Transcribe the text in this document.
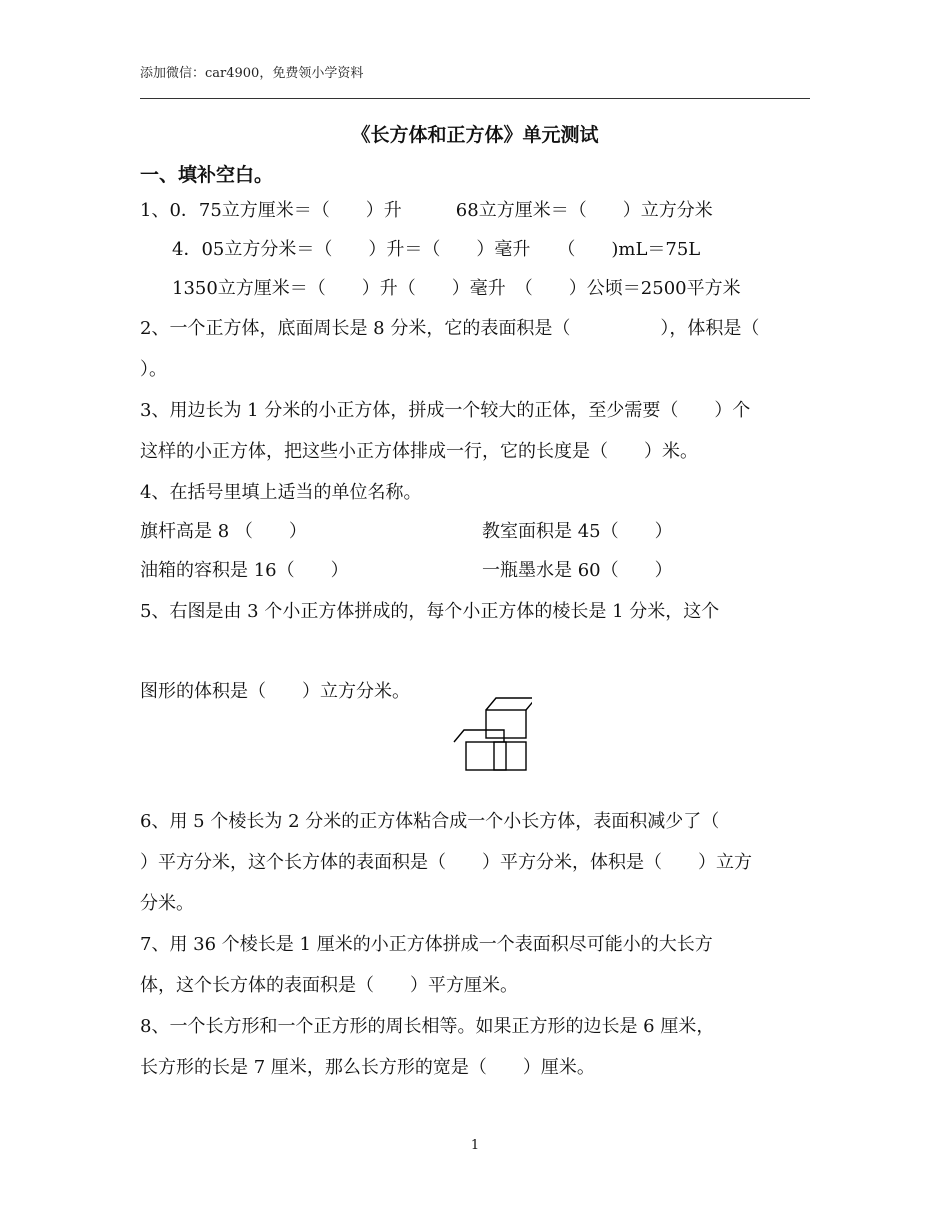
添加微信：car4900，免费领小学资料
《长方体和正方体》单元测试
一、填补空白。
1、0．75立方厘米＝（　　）升　　　68立方厘米＝（　　）立方分米
4．05立方分米＝（　　）升＝（　　）毫升　　（　　)mL＝75L
1350立方厘米＝（　　）升（　　）毫升　（　　）公顷＝2500平方米
2、一个正方体，底面周长是 8 分米，它的表面积是（　　　　　），体积是（
）。
3、用边长为 1 分米的小正方体，拼成一个较大的正体，至少需要（　　）个
这样的小正方体，把这些小正方体排成一行，它的长度是（　　）米。
4、在括号里填上适当的单位名称。
旗杆高是 8 （　　）	教室面积是 45（　　）
油箱的容积是 16（　　）	一瓶墨水是 60（　　）
5、右图是由 3 个小正方体拼成的，每个小正方体的棱长是 1 分米，这个
图形的体积是（　　）立方分米。
6、用 5 个棱长为 2 分米的正方体粘合成一个小长方体，表面积减少了（
）平方分米，这个长方体的表面积是（　　）平方分米，体积是（　　）立方
分米。
7、用 36 个棱长是 1 厘米的小正方体拼成一个表面积尽可能小的大长方
体，这个长方体的表面积是（　　）平方厘米。
8、一个长方形和一个正方形的周长相等。如果正方形的边长是 6 厘米，
长方形的长是 7 厘米，那么长方形的宽是（　　）厘米。
1
